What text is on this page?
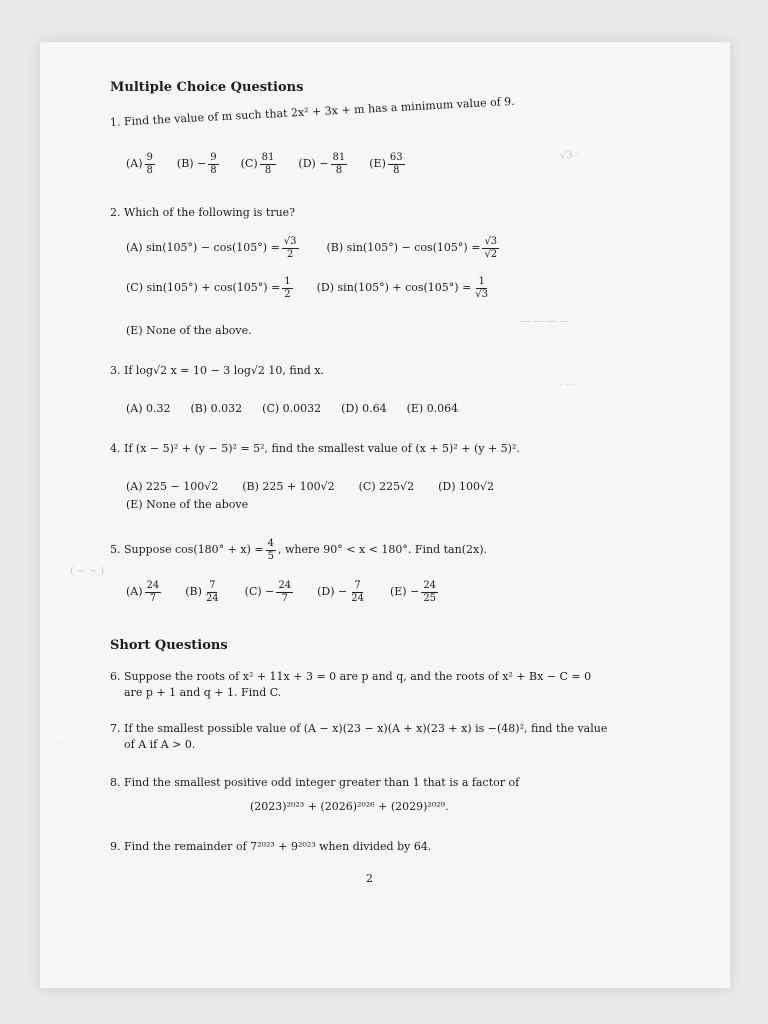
Multiple Choice Questions

1. Find the value of m such that 2x² + 3x + m has a minimum value of 9.
$(A) \frac{9}{8} (B) - \frac{9}{8} (C) \frac{81}{8} (D) - \frac{81}{8} (E) \frac{63}{8}$
2. Which of the following is true?
(A) $\sin(105^\circ) - \cos(105^\circ) = \frac{√3}{2}$	(B) $\sin(105^\circ) - \cos(105^\circ) = \frac{√3}{√2}$
(C) $\sin(105^\circ) + \cos(105^\circ) = \frac{1}{2} (D) \sin(105^\circ) + \cos(105^\circ) = \frac{1}{√3}$
(E) None of the above.
3. If log√2 x = 10 − 3 log√2 10, find x.
(A) 0.32 (B) 0.032 (C) 0.0032 (D) 0.64 (E) 0.064
4. If (x − 5)² + (y − 5)² = 5², find the smallest value of (x + 5)² + (y + 5)².
(A) 225 − 100√2 (B) 225 + 100√2 (C) 225√2 (D) 100√2
(E) None of the above
5. Suppose $\cos(180^\circ + x) = \frac{4}{5}$ , where 90° < x < 180°. Find tan(2x).
$(A) \frac{24}{7} (B) \frac{7}{24} (C) - \frac{24}{7} (D) - \frac{7}{24} (E) - \frac{24}{25}$

Short Questions

6. Suppose the roots of x² + 11x + 3 = 0 are p and q, and the roots of x² + Bx − C = 0
are p + 1 and q + 1. Find C.
7. If the smallest possible value of (A − x)(23 − x)(A + x)(23 + x) is −(48)², find the value
of A if A > 0.
8. Find the smallest positive odd integer greater than 1 that is a factor of
(2023)²⁰²³ + (2026)²⁰²⁶ + (2029)²⁰²⁹.
9. Find the remainder of 7²⁰²³ + 9²⁰²³ when divided by 64.
2
√3 ·
— — — —
· · ·
( ~ ~ )
·
